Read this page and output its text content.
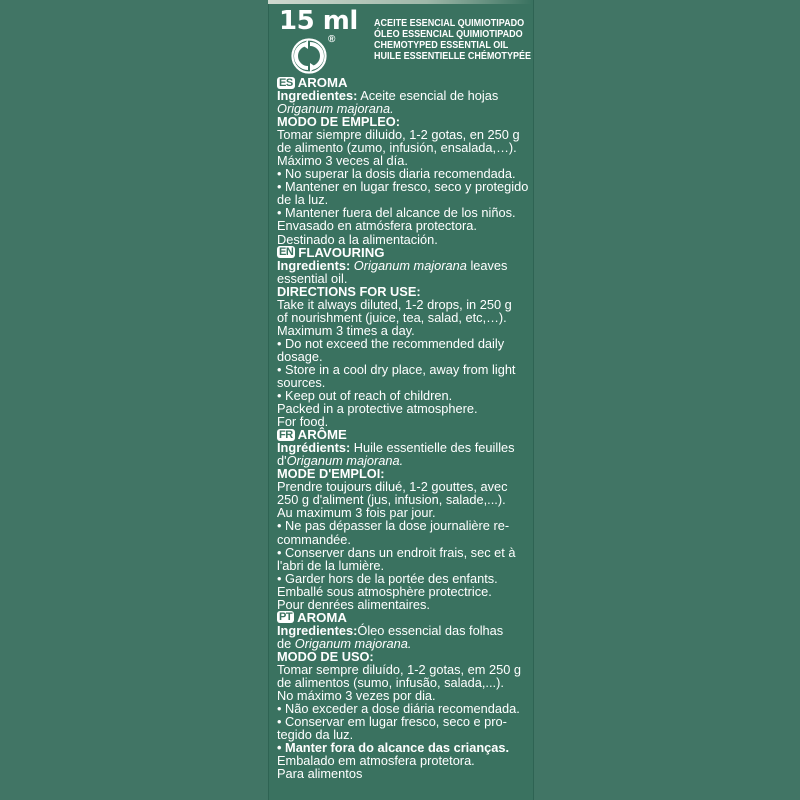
15 ml
®
ACEITE ESENCIAL QUIMIOTIPADO
ÓLEO ESSENCIAL QUIMIOTIPADO
CHEMOTYPED ESSENTIAL OIL
HUILE ESSENTIELLE CHÉMOTYPÉE
ES AROMA
Ingredientes: Aceite esencial de hojas
Origanum majorana.
MODO DE EMPLEO:
Tomar siempre diluido, 1-2 gotas, en 250 g
de alimento (zumo, infusión, ensalada,…).
Máximo 3 veces al día.
• No superar la dosis diaria recomendada.
• Mantener en lugar fresco, seco y protegido
de la luz.
• Mantener fuera del alcance de los niños.
Envasado en atmósfera protectora.
Destinado a la alimentación.
EN FLAVOURING
Ingredients: Origanum majorana leaves
essential oil.
DIRECTIONS FOR USE:
Take it always diluted, 1-2 drops, in 250 g
of nourishment (juice, tea, salad, etc,…).
Maximum 3 times a day.
• Do not exceed the recommended daily
dosage.
• Store in a cool dry place, away from light
sources.
• Keep out of reach of children.
Packed in a protective atmosphere.
For food.
FR ARÔME
Ingrédients: Huile essentielle des feuilles
d'Origanum majorana.
MODE D'EMPLOI:
Prendre toujours dilué, 1-2 gouttes, avec
250 g d'aliment (jus, infusion, salade,...).
Au maximum 3 fois par jour.
• Ne pas dépasser la dose journalière re-
commandée.
• Conserver dans un endroit frais, sec et à
l'abri de la lumière.
• Garder hors de la portée des enfants.
Emballé sous atmosphère protectrice.
Pour denrées alimentaires.
PT AROMA
Ingredientes:Óleo essencial das folhas
de Origanum majorana.
MODO DE USO:
Tomar sempre diluído, 1-2 gotas, em 250 g
de alimentos (sumo, infusão, salada,...).
No máximo 3 vezes por dia.
• Não exceder a dose diária recomendada.
• Conservar em lugar fresco, seco e pro-
tegido da luz.
• Manter fora do alcance das crianças.
Embalado em atmosfera protetora.
Para alimentos
